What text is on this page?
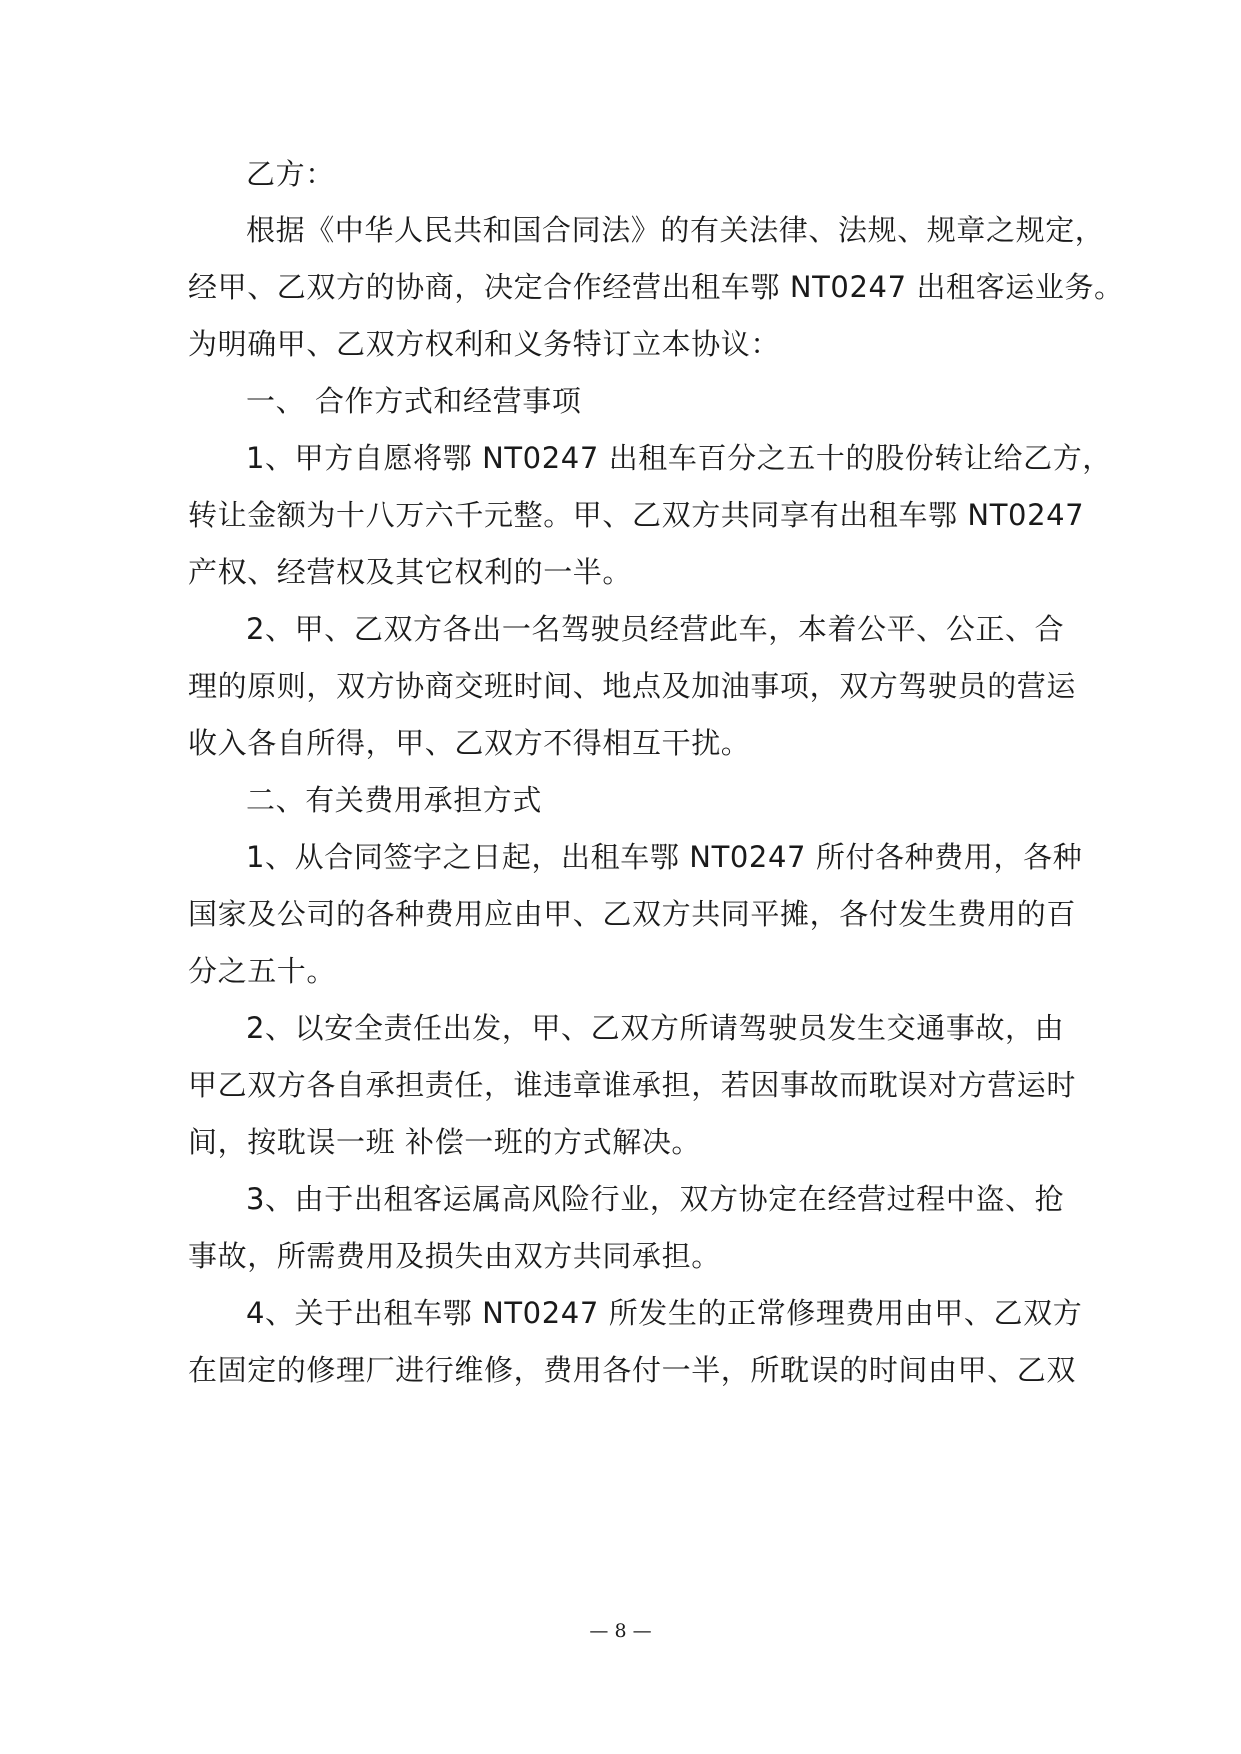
乙方：
根据《中华人民共和国合同法》的有关法律、法规、规章之规定，
经甲、乙双方的协商，决定合作经营出租车鄂 NT0247 出租客运业务。
为明确甲、乙双方权利和义务特订立本协议：
一、 合作方式和经营事项
1、甲方自愿将鄂 NT0247 出租车百分之五十的股份转让给乙方，
转让金额为十八万六千元整。甲、乙双方共同享有出租车鄂 NT0247
产权、经营权及其它权利的一半。
2、甲、乙双方各出一名驾驶员经营此车，本着公平、公正、合
理的原则，双方协商交班时间、地点及加油事项，双方驾驶员的营运
收入各自所得，甲、乙双方不得相互干扰。
二、有关费用承担方式
1、从合同签字之日起，出租车鄂 NT0247 所付各种费用，各种
国家及公司的各种费用应由甲、乙双方共同平摊，各付发生费用的百
分之五十。
2、以安全责任出发，甲、乙双方所请驾驶员发生交通事故，由
甲乙双方各自承担责任，谁违章谁承担，若因事故而耽误对方营运时
间，按耽误一班 补偿一班的方式解决。
3、由于出租客运属高风险行业，双方协定在经营过程中盗、抢
事故，所需费用及损失由双方共同承担。
4、关于出租车鄂 NT0247 所发生的正常修理费用由甲、乙双方
在固定的修理厂进行维修，费用各付一半，所耽误的时间由甲、乙双
— 8 —
